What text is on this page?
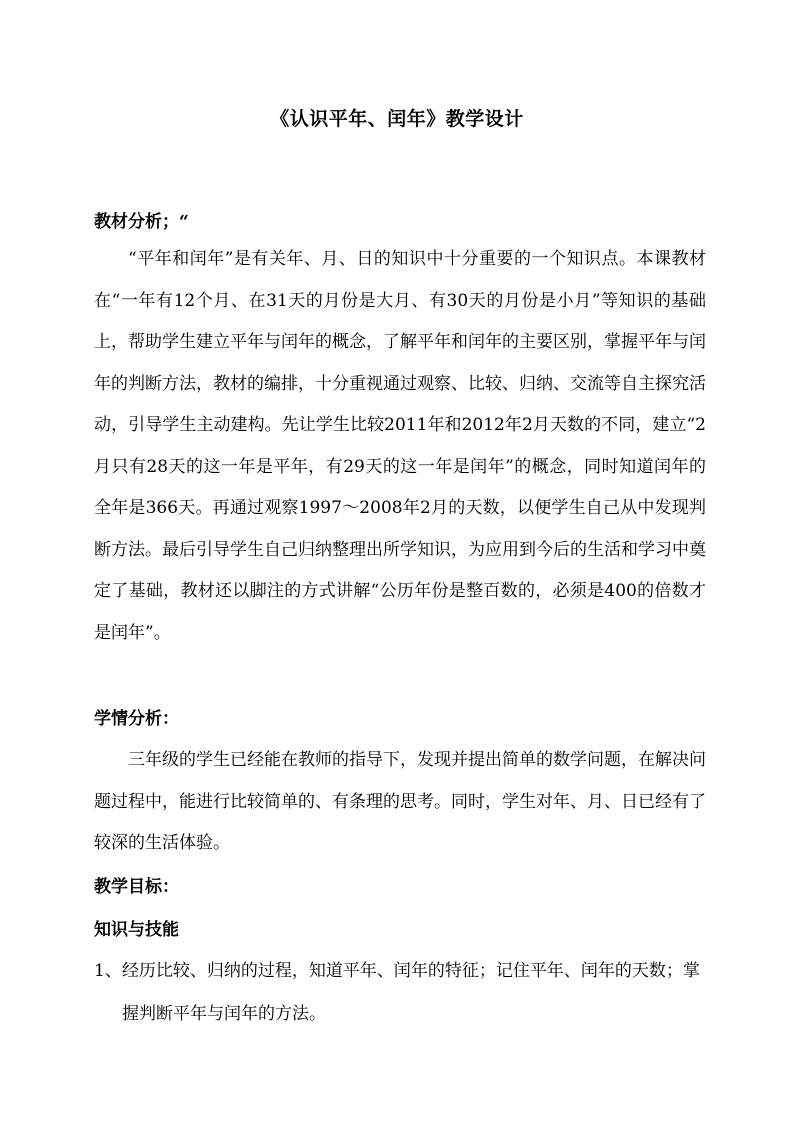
《认识平年、闰年》教学设计
教材分析；“

“平年和闰年”是有关年、月、日的知识中十分重要的一个知识点。本课教材在“一年有12个月、在31天的月份是大月、有30天的月份是小月”等知识的基础上，帮助学生建立平年与闰年的概念，了解平年和闰年的主要区别，掌握平年与闰年的判断方法，教材的编排，十分重视通过观察、比较、归纳、交流等自主探究活动，引导学生主动建构。先让学生比较2011年和2012年2月天数的不同，建立“2月只有28天的这一年是平年，有29天的这一年是闰年”的概念，同时知道闰年的全年是366天。再通过观察1997～2008年2月的天数，以便学生自己从中发现判断方法。最后引导学生自己归纳整理出所学知识，为应用到今后的生活和学习中奠定了基础，教材还以脚注的方式讲解“公历年份是整百数的，必须是400的倍数才是闰年”。

学情分析：

三年级的学生已经能在教师的指导下，发现并提出简单的数学问题，在解决问题过程中，能进行比较简单的、有条理的思考。同时，学生对年、月、日已经有了较深的生活体验。

教学目标：
知识与技能

1、经历比较、归纳的过程，知道平年、闰年的特征；记住平年、闰年的天数；掌握判断平年与闰年的方法。
